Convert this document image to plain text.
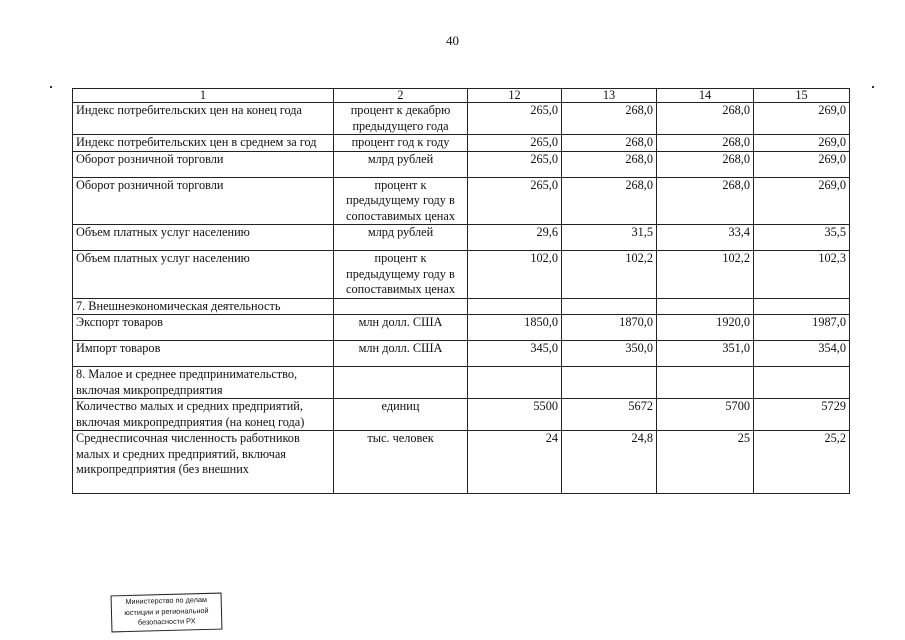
40
1	2	12	13	14	15
Индекс потребительских цен на конец года	процент к декабрю предыдущего года	265,0	268,0	268,0	269,0
Индекс потребительских цен в среднем за год	процент год к году	265,0	268,0	268,0	269,0
Оборот розничной торговли	млрд рублей	265,0	268,0	268,0	269,0
Оборот розничной торговли	процент к предыдущему году в сопоставимых ценах	265,0	268,0	268,0	269,0
Объем платных услуг населению	млрд рублей	29,6	31,5	33,4	35,5
Объем платных услуг населению	процент к предыдущему году в сопоставимых ценах	102,0	102,2	102,2	102,3
7. Внешнеэкономическая деятельность					
Экспорт товаров	млн долл. США	1850,0	1870,0	1920,0	1987,0
Импорт товаров	млн долл. США	345,0	350,0	351,0	354,0
8. Малое и среднее предпринимательство, включая микропредприятия					
Количество малых и средних предприятий, включая микропредприятия (на конец года)	единиц	5500	5672	5700	5729

Среднесписочная численность работников малых и средних предприятий, включая микропредприятия (без внешних	тыс. человек	24	24,8	25	25,2
Министерство по делам
юстиции и региональной
безопасности РХ
